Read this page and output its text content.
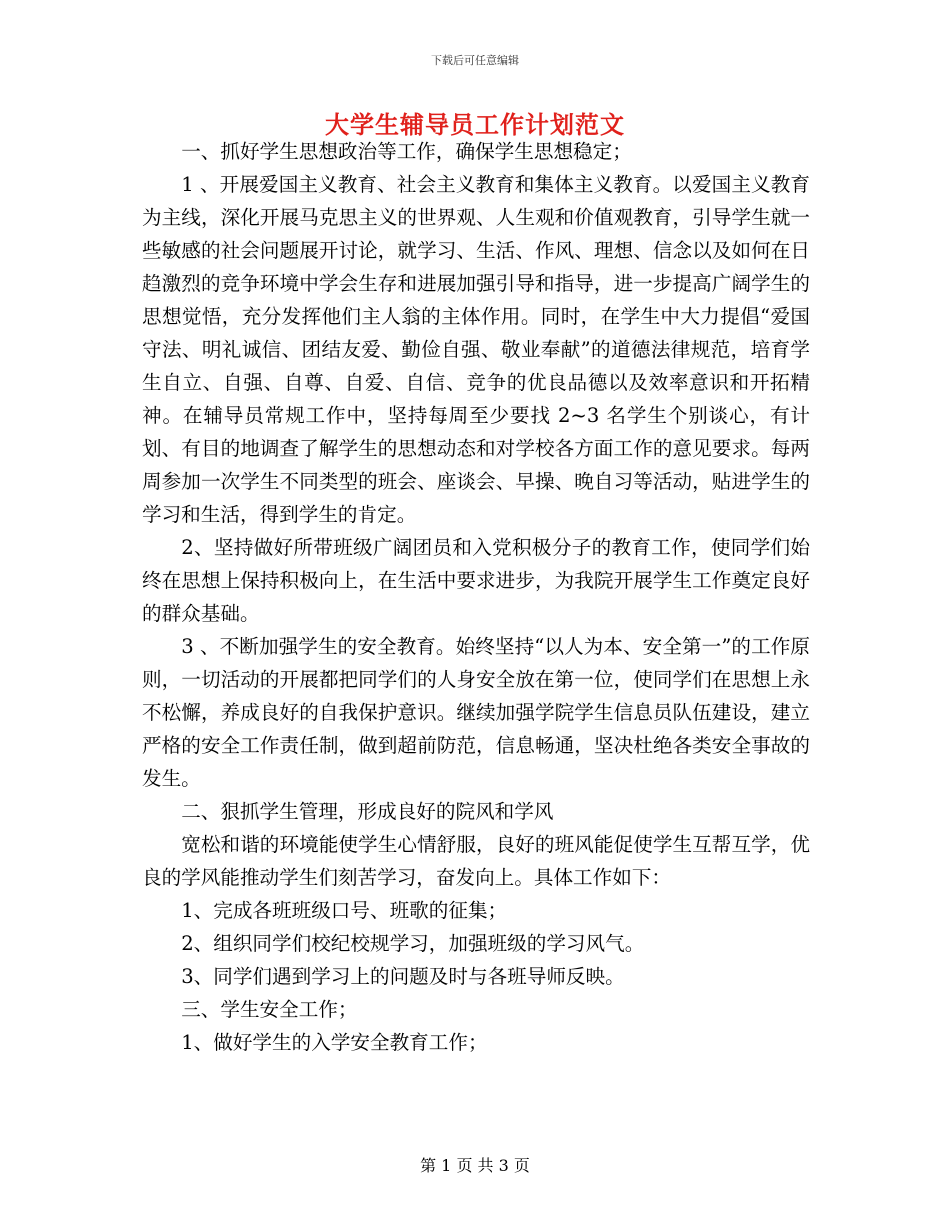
下载后可任意编辑
大学生辅导员工作计划范文

一、抓好学生思想政治等工作，确保学生思想稳定；

1 、开展爱国主义教育、社会主义教育和集体主义教育。以爱国主义教育为主线，深化开展马克思主义的世界观、人生观和价值观教育，引导学生就一些敏感的社会问题展开讨论，就学习、生活、作风、理想、信念以及如何在日趋激烈的竞争环境中学会生存和进展加强引导和指导，进一步提高广阔学生的思想觉悟，充分发挥他们主人翁的主体作用。同时，在学生中大力提倡“爱国守法、明礼诚信、团结友爱、勤俭自强、敬业奉献”的道德法律规范，培育学生自立、自强、自尊、自爱、自信、竞争的优良品德以及效率意识和开拓精神。在辅导员常规工作中，坚持每周至少要找 2~3 名学生个别谈心，有计划、有目的地调查了解学生的思想动态和对学校各方面工作的意见要求。每两周参加一次学生不同类型的班会、座谈会、早操、晚自习等活动，贴进学生的学习和生活，得到学生的肯定。

2、坚持做好所带班级广阔团员和入党积极分子的教育工作，使同学们始终在思想上保持积极向上，在生活中要求进步，为我院开展学生工作奠定良好的群众基础。

3 、不断加强学生的安全教育。始终坚持“以人为本、安全第一”的工作原则，一切活动的开展都把同学们的人身安全放在第一位，使同学们在思想上永不松懈，养成良好的自我保护意识。继续加强学院学生信息员队伍建设，建立严格的安全工作责任制，做到超前防范，信息畅通，坚决杜绝各类安全事故的发生。

二、狠抓学生管理，形成良好的院风和学风

宽松和谐的环境能使学生心情舒服，良好的班风能促使学生互帮互学，优良的学风能推动学生们刻苦学习，奋发向上。具体工作如下：

1、完成各班班级口号、班歌的征集；

2、组织同学们校纪校规学习，加强班级的学习风气。

3、同学们遇到学习上的问题及时与各班导师反映。

三、学生安全工作；

1、做好学生的入学安全教育工作；

第 1 页 共 3 页
